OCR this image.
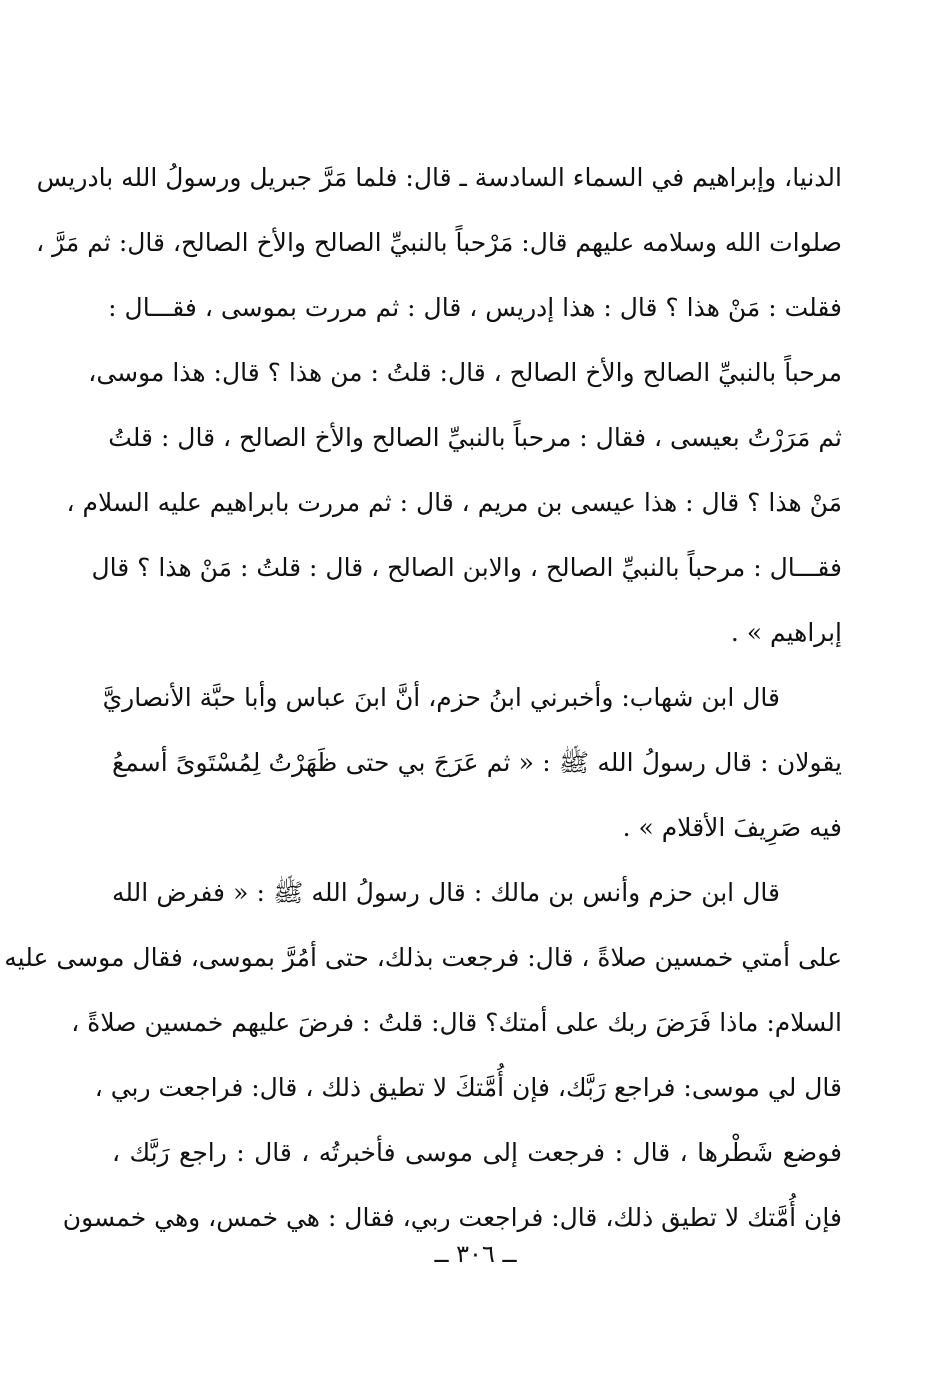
الدنيا، وإبراهيم في السماء السادسة ـ قال: فلما مَرَّ جبريل ورسولُ الله بادريس
صلوات الله وسلامه عليهم قال: مَرْحباً بالنبيِّ الصالح والأخ الصالح، قال: ثم مَرَّ ،
فقلت : مَنْ هذا ؟ قال : هذا إدريس ، قال : ثم مررت بموسى ، فقـــال :
مرحباً بالنبيِّ الصالح والأخ الصالح ، قال: قلتُ : من هذا ؟ قال: هذا موسى،
ثم مَرَرْتُ بعيسى ، فقال : مرحباً بالنبيِّ الصالح والأخ الصالح ، قال : قلتُ
مَنْ هذا ؟ قال : هذا عيسى بن مريم ، قال : ثم مررت بابراهيم عليه السلام ،
فقـــال : مرحباً بالنبيِّ الصالح ، والابن الصالح ، قال : قلتُ : مَنْ هذا ؟ قال
إبراهيم » .
قال ابن شهاب: وأخبرني ابنُ حزم، أنَّ ابنَ عباس وأبا حبَّة الأنصاريَّ
يقولان : قال رسولُ الله ﷺ : « ثم عَرَجَ بي حتى ظَهَرْتُ لِمُسْتَوىً أسمعُ
فيه صَرِيفَ الأقلام » .
قال ابن حزم وأنس بن مالك : قال رسولُ الله ﷺ : « ففرض الله
على أمتي خمسين صلاةً ، قال: فرجعت بذلك، حتى أمُرَّ بموسى، فقال موسى عليه
السلام: ماذا فَرَضَ ربك على أمتك؟ قال: قلتُ : فرضَ عليهم خمسين صلاةً ،
قال لي موسى: فراجع رَبَّك، فإن أُمَّتكَ لا تطيق ذلك ، قال: فراجعت ربي ،
فوضع شَطْرها ، قال : فرجعت إلى موسى فأخبرتُه ، قال : راجع رَبَّك ،
فإن أُمَّتك لا تطيق ذلك، قال: فراجعت ربي، فقال : هي خمس، وهي خمسون
ــ ٣٠٦ ــ
